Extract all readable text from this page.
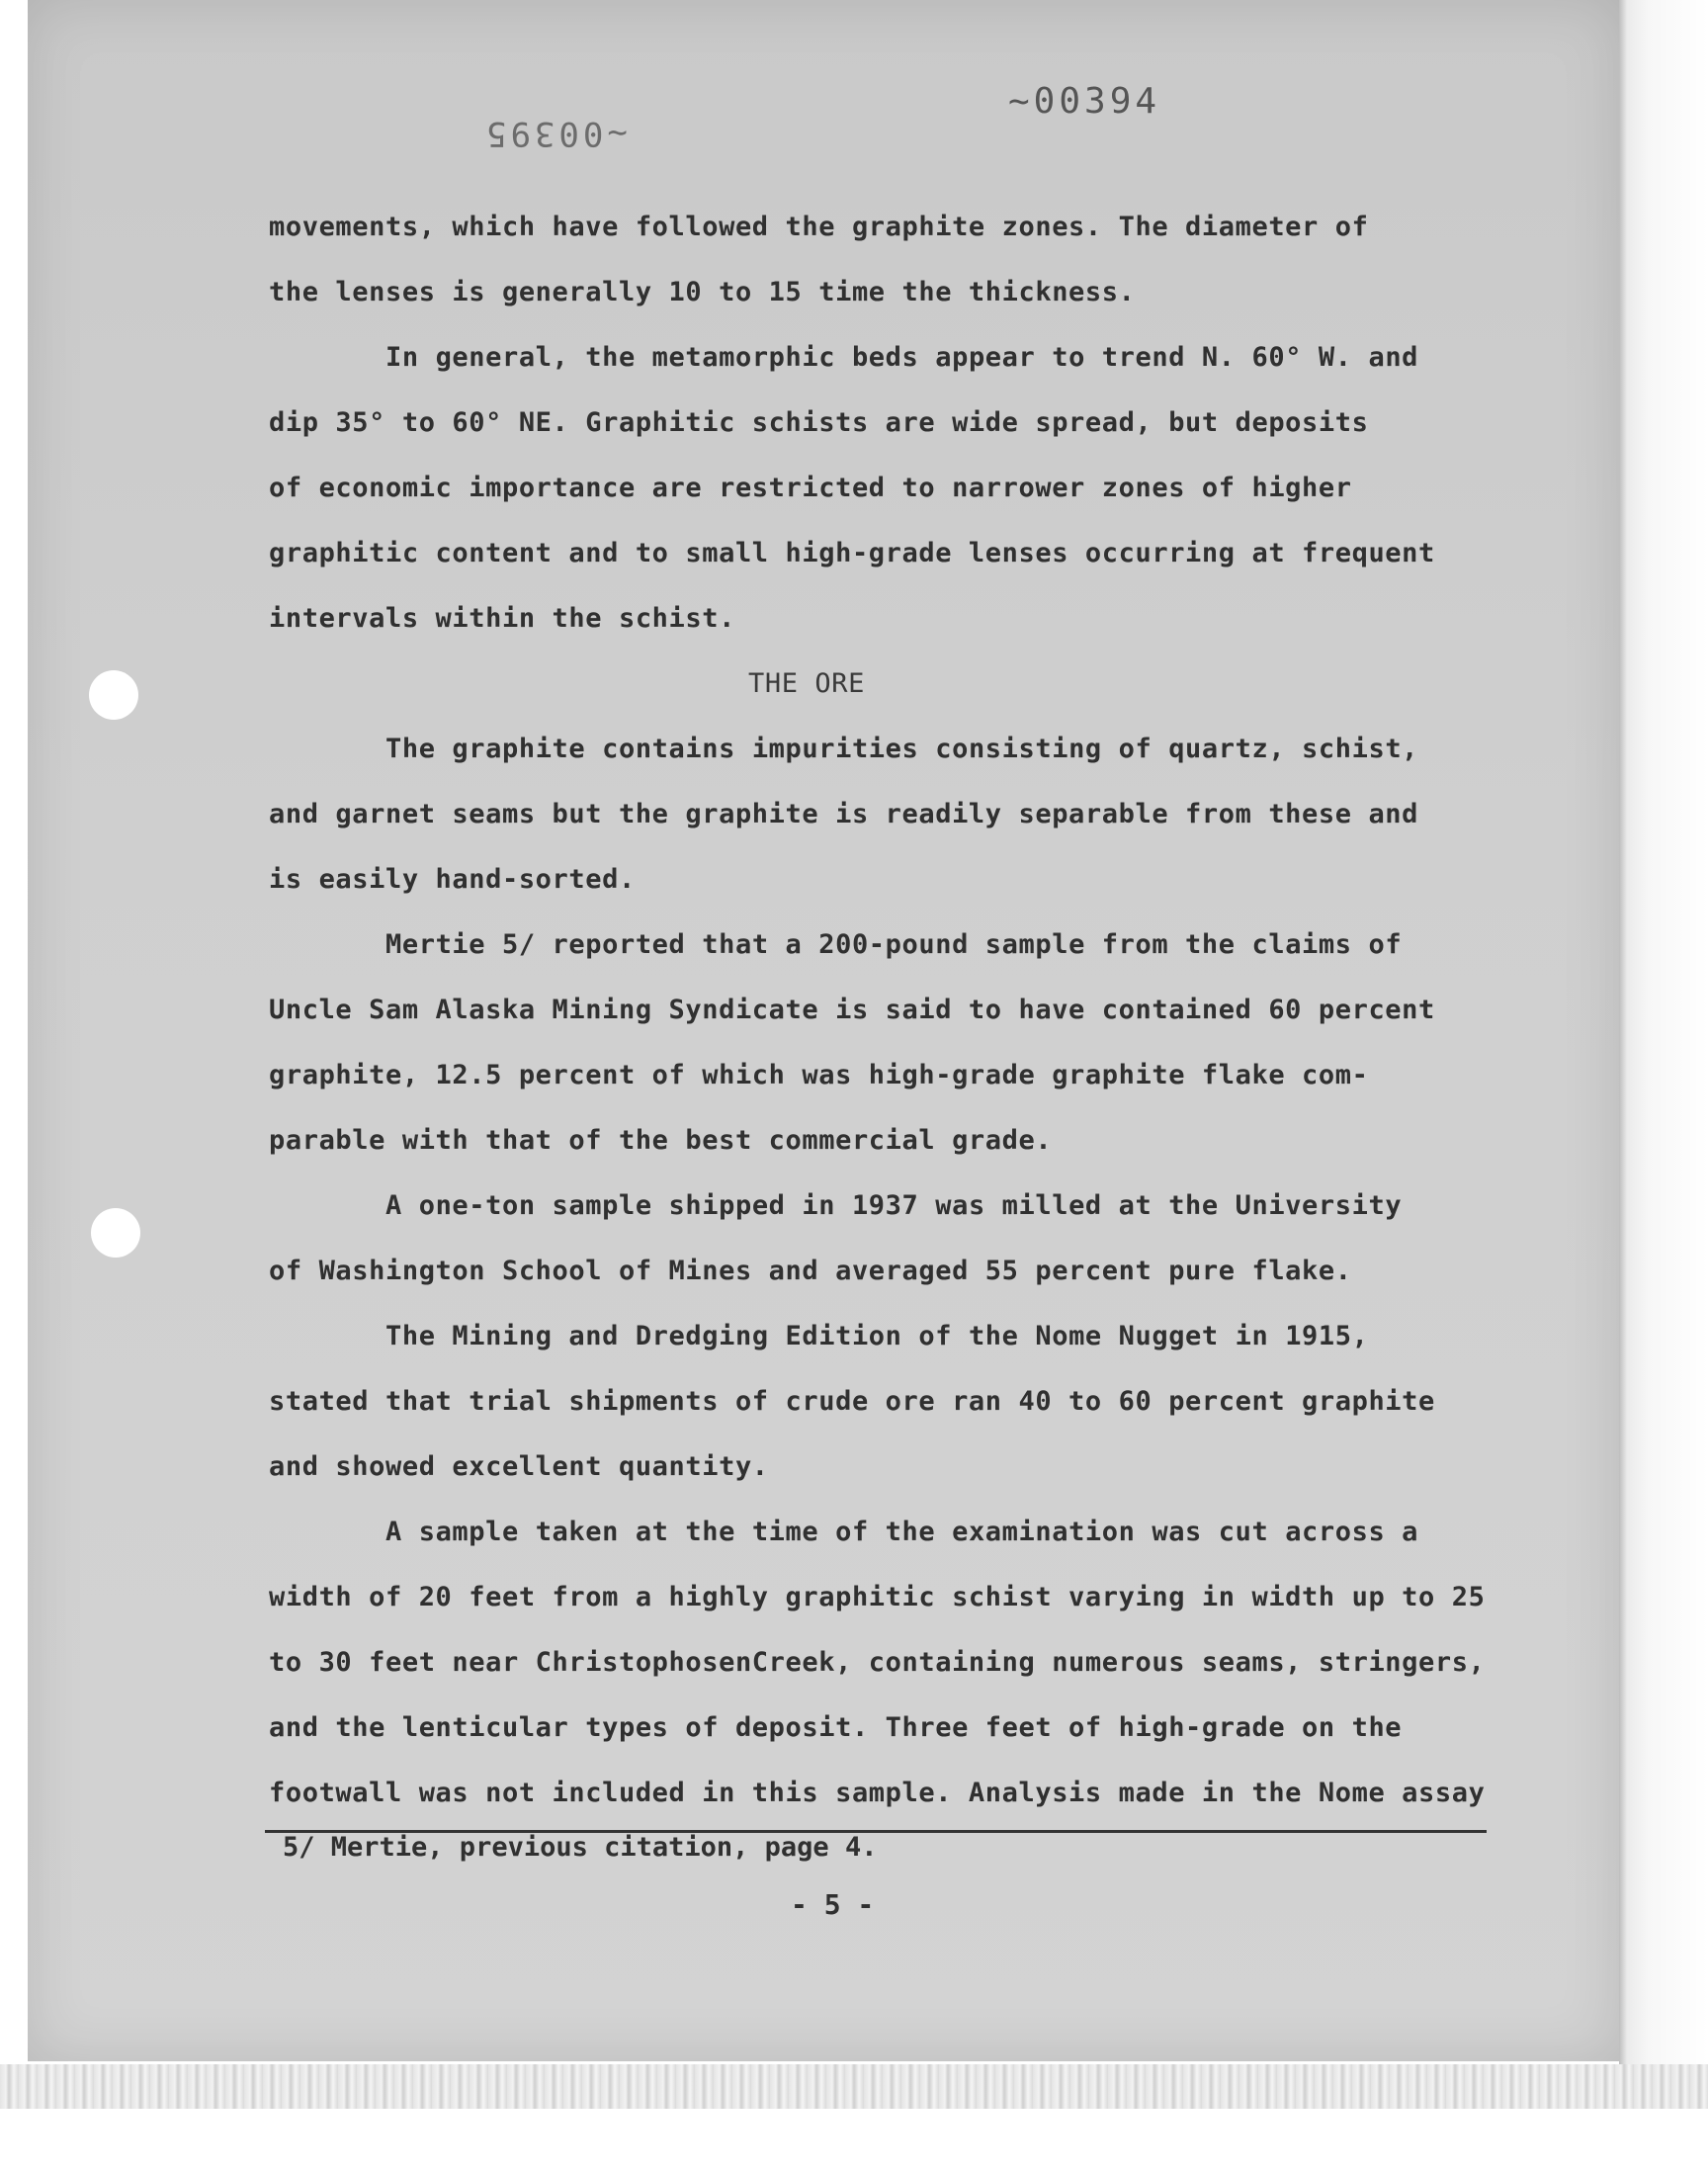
~00394
~00395
movements, which have followed the graphite zones. The diameter of
the lenses is generally 10 to 15 time the thickness.
In general, the metamorphic beds appear to trend N. 60° W. and
dip 35° to 60° NE. Graphitic schists are wide spread, but deposits
of economic importance are restricted to narrower zones of higher
graphitic content and to small high-grade lenses occurring at frequent
intervals within the schist.
THE ORE
The graphite contains impurities consisting of quartz, schist,
and garnet seams but the graphite is readily separable from these and
is easily hand-sorted.
Mertie 5/ reported that a 200-pound sample from the claims of
Uncle Sam Alaska Mining Syndicate is said to have contained 60 percent
graphite, 12.5 percent of which was high-grade graphite flake com-
parable with that of the best commercial grade.
A one-ton sample shipped in 1937 was milled at the University
of Washington School of Mines and averaged 55 percent pure flake.
The Mining and Dredging Edition of the Nome Nugget in 1915,
stated that trial shipments of crude ore ran 40 to 60 percent graphite
and showed excellent quantity.
A sample taken at the time of the examination was cut across a
width of 20 feet from a highly graphitic schist varying in width up to 25
to 30 feet near ChristophosenCreek, containing numerous seams, stringers,
and the lenticular types of deposit. Three feet of high-grade on the
footwall was not included in this sample. Analysis made in the Nome assay
5/ Mertie, previous citation, page 4.
- 5 -
